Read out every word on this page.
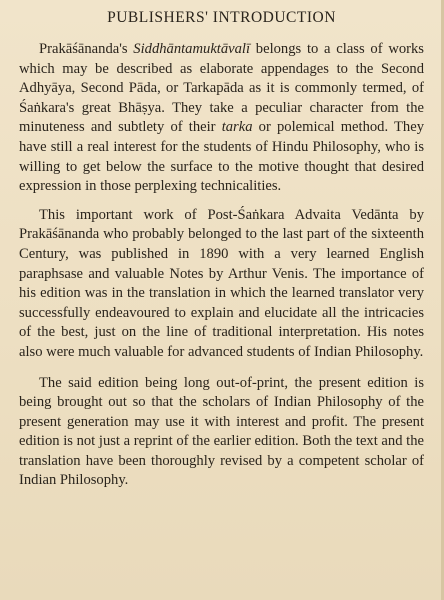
PUBLISHERS' INTRODUCTION

Prakāśānanda's Siddhāntamuktāvalī belongs to a class of works which may be described as elaborate appendages to the Second Adhyāya, Second Pāda, or Tarkapāda as it is commonly termed, of Śaṅkara's great Bhāṣya. They take a peculiar character from the minuteness and subtlety of their tarka or polemical method. They have still a real interest for the students of Hindu Philosophy, who is willing to get below the surface to the motive thought that desired expression in those perplexing technicalities.

This important work of Post-Śaṅkara Advaita Vedānta by Prakāśānanda who probably belonged to the last part of the sixteenth Century, was published in 1890 with a very learned English paraphsase and valuable Notes by Arthur Venis. The importance of his edition was in the translation in which the learned translator very successfully endeavoured to explain and elucidate all the intricacies of the best, just on the line of traditional interpretation. His notes also were much valuable for advanced students of Indian Philosophy.

The said edition being long out-of-print, the present edition is being brought out so that the scholars of Indian Philosophy of the present generation may use it with interest and profit. The present edition is not just a reprint of the earlier edition. Both the text and the translation have been thoroughly revised by a competent scholar of Indian Philosophy.
